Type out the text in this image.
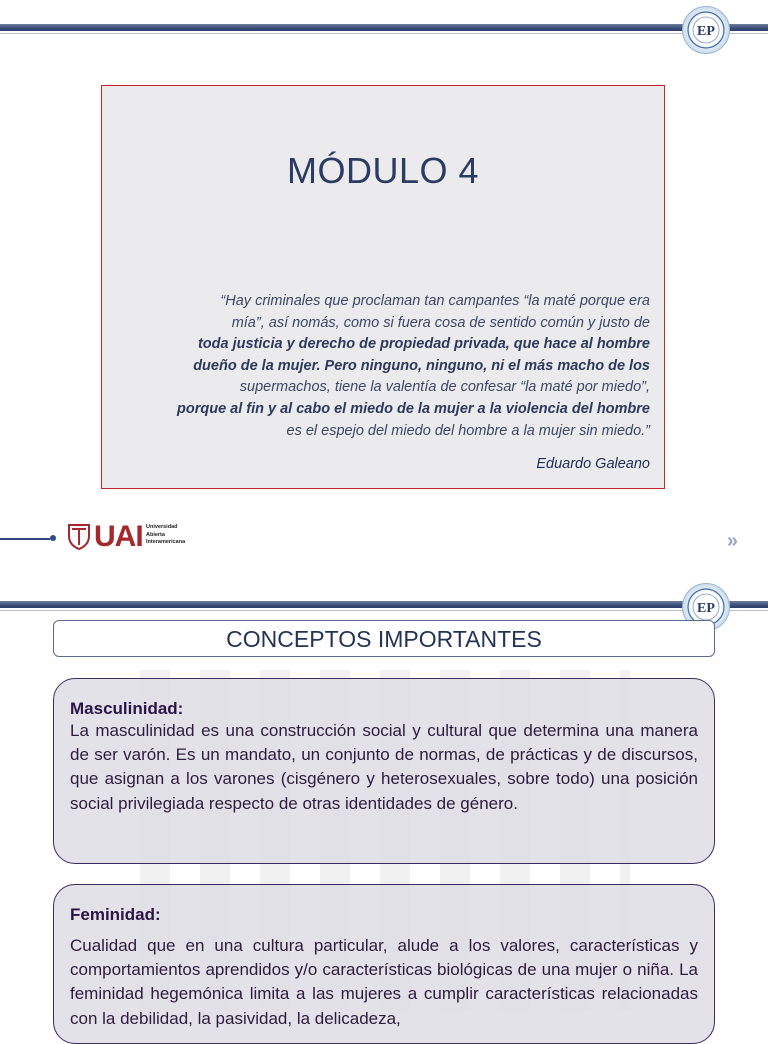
EP
MÓDULO 4
“Hay criminales que proclaman tan campantes “la maté porque era
mía”, así nomás, como si fuera cosa de sentido común y justo de
toda justicia y derecho de propiedad privada, que hace al hombre
dueño de la mujer. Pero ninguno, ninguno, ni el más macho de los
supermachos, tiene la valentía de confesar “la maté por miedo”,
porque al fin y al cabo el miedo de la mujer a la violencia del hombre
es el espejo del miedo del hombre a la mujer sin miedo.”
Eduardo Galeano
UAI Universidad
Abierta
Interamericana	»
EP
CONCEPTOS IMPORTANTES
Masculinidad:

La masculinidad es una construcción social y cultural que determina una manera de ser varón. Es un mandato, un conjunto de normas, de prácticas y de discursos, que asignan a los varones (cisgénero y heterosexuales, sobre todo) una posición social privilegiada respecto de otras identidades de género.

Feminidad:

Cualidad que en una cultura particular, alude a los valores, características y comportamientos aprendidos y/o características biológicas de una mujer o niña. La feminidad hegemónica limita a las mujeres a cumplir características relacionadas con la debilidad, la pasividad, la delicadeza,
